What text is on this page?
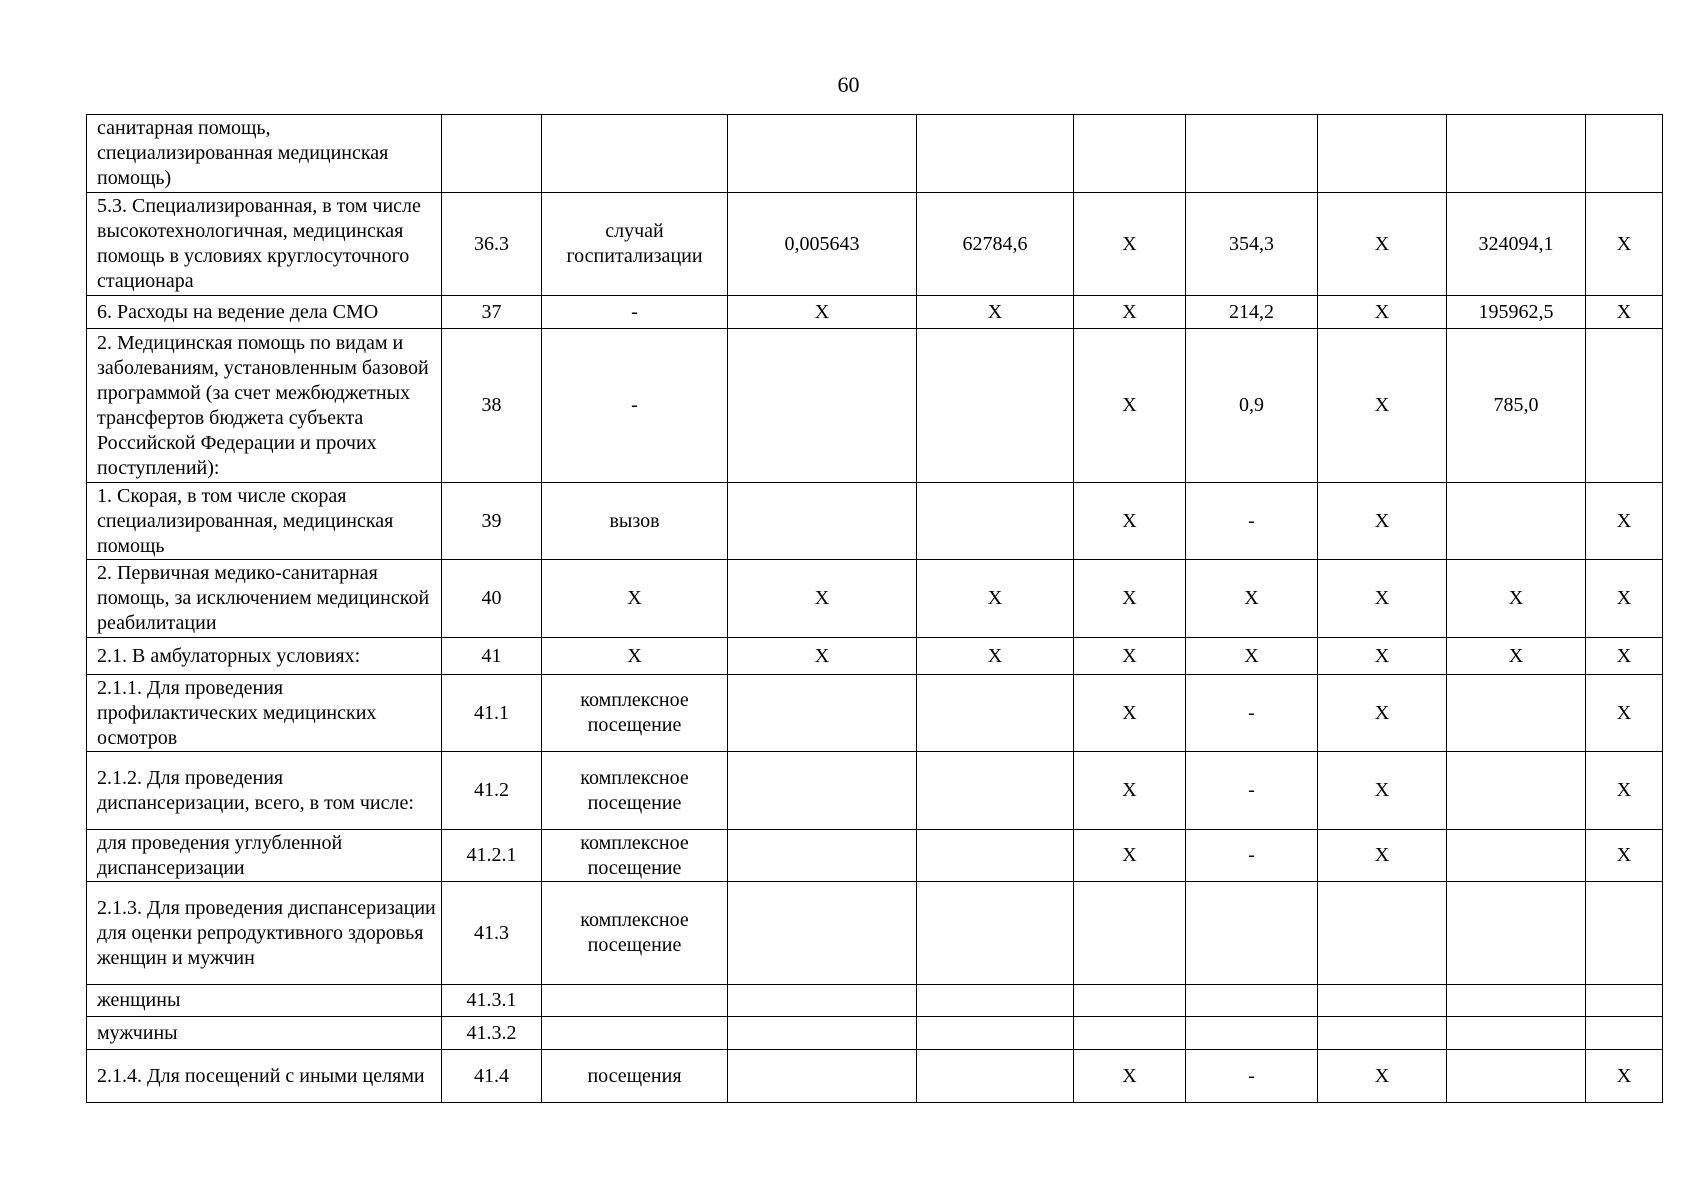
60
санитарная помощь, специализированная медицинская помощь)									
5.3. Специализированная, в том числе высокотехнологичная, медицинская помощь в условиях круглосуточного стационара	36.3	случай госпитализации	0,005643	62784,6	X	354,3	X	324094,1	X
6. Расходы на ведение дела СМО	37	-	X	X	X	214,2	X	195962,5	X
2. Медицинская помощь по видам и заболеваниям, установленным базовой программой (за счет межбюджетных трансфертов бюджета субъекта Российской Федерации и прочих поступлений):	38	-			X	0,9	X	785,0	
1. Скорая, в том числе скорая специализированная, медицинская помощь	39	вызов			X	-	X		X
2. Первичная медико-санитарная помощь, за исключением медицинской реабилитации	40	X	X	X	X	X	X	X	X
2.1. В амбулаторных условиях:	41	X	X	X	X	X	X	X	X
2.1.1. Для проведения профилактических медицинских осмотров	41.1	комплексное посещение			X	-	X		X
2.1.2. Для проведения диспансеризации, всего, в том числе:	41.2	комплексное посещение			X	-	X		X
для проведения углубленной диспансеризации	41.2.1	комплексное посещение			X	-	X		X
2.1.3. Для проведения диспансеризации для оценки репродуктивного здоровья женщин и мужчин	41.3	комплексное посещение							
женщины	41.3.1								
мужчины	41.3.2								
2.1.4. Для посещений с иными целями	41.4	посещения			X	-	X		X
